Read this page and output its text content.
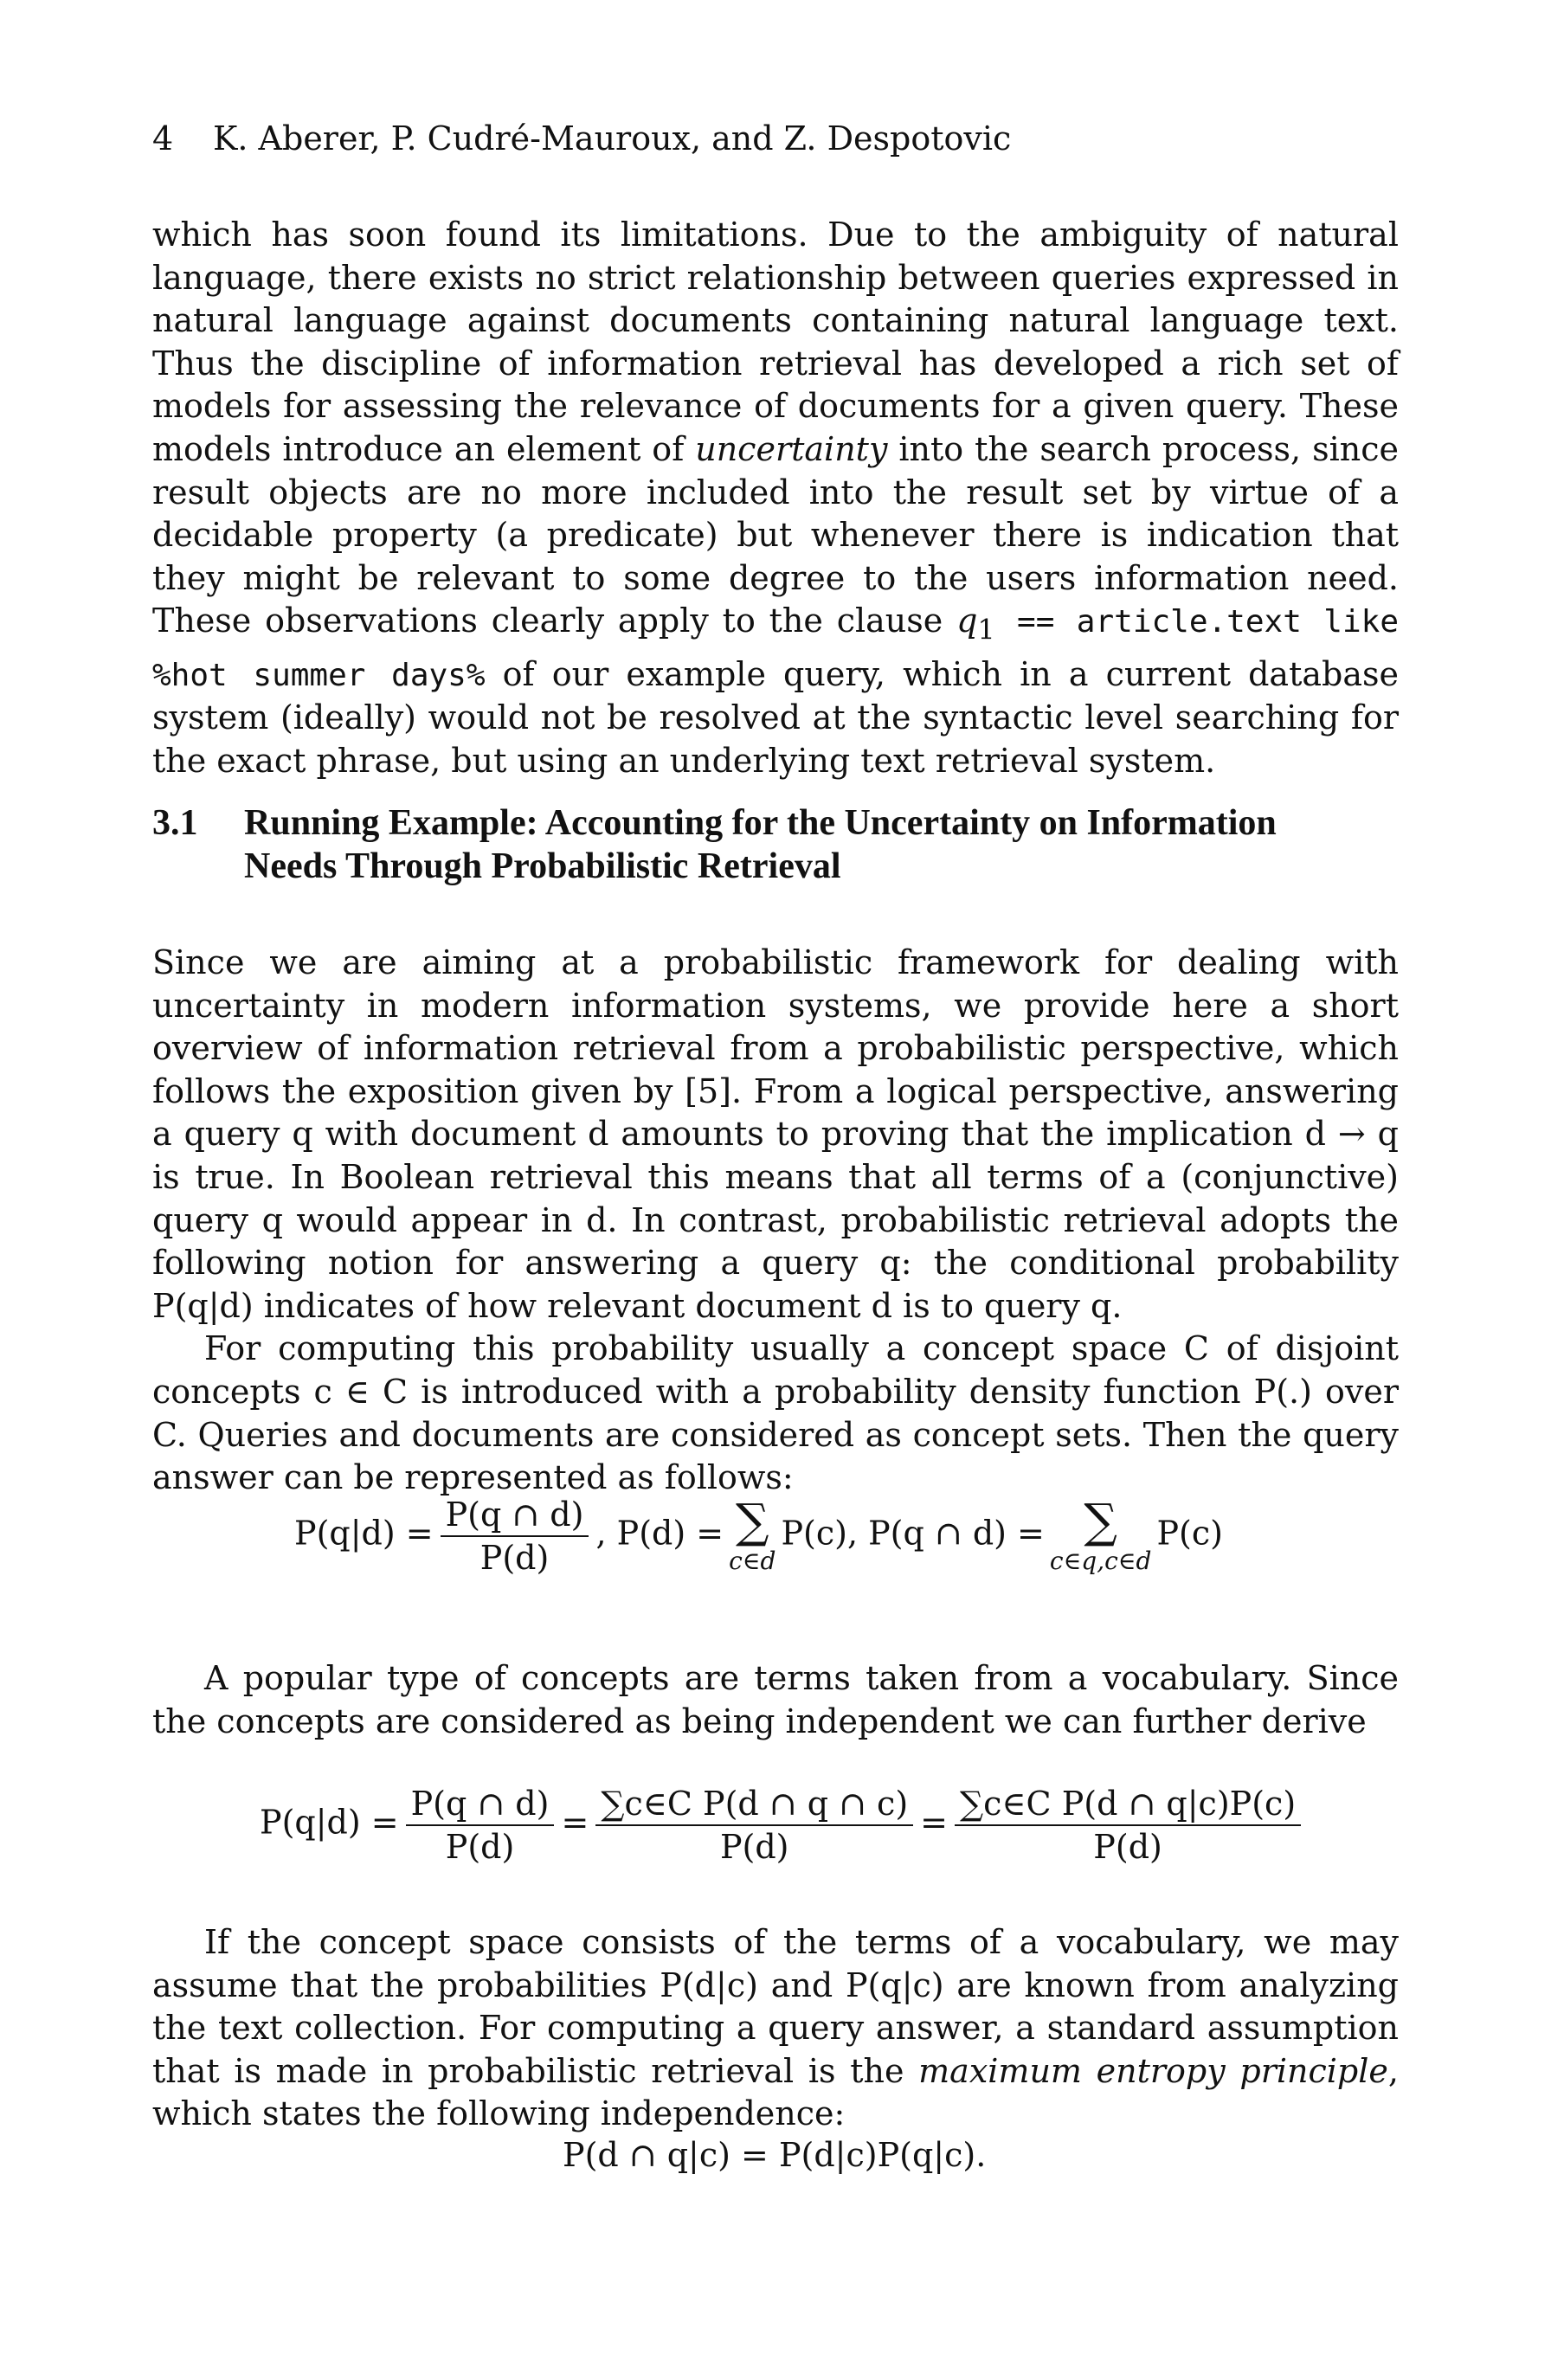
4 K. Aberer, P. Cudré-Mauroux, and Z. Despotovic

which has soon found its limitations. Due to the ambiguity of natural language, there exists no strict relationship between queries expressed in natural language against documents containing natural language text. Thus the discipline of information retrieval has developed a rich set of models for assessing the relevance of documents for a given query. These models introduce an element of uncertainty into the search process, since result objects are no more included into the result set by virtue of a decidable property (a predicate) but whenever there is indication that they might be relevant to some degree to the users information need. These observations clearly apply to the clause $q_1$ == article.text like %hot summer days% of our example query, which in a current database system (ideally) would not be resolved at the syntactic level searching for the exact phrase, but using an underlying text retrieval system.

3.1 Running Example: Accounting for the Uncertainty on Information Needs Through Probabilistic Retrieval

Since we are aiming at a probabilistic framework for dealing with uncertainty in modern information systems, we provide here a short overview of information retrieval from a probabilistic perspective, which follows the exposition given by [5]. From a logical perspective, answering a query q with document d amounts to proving that the implication d → q is true. In Boolean retrieval this means that all terms of a (conjunctive) query q would appear in d. In contrast, probabilistic retrieval adopts the following notion for answering a query q: the conditional probability P(q|d) indicates of how relevant document d is to query q.

For computing this probability usually a concept space C of disjoint concepts c ∈ C is introduced with a probability density function P(.) over C. Queries and documents are considered as concept sets. Then the query answer can be represented as follows:

$P(q|d) = \frac{P(q \cap d)}{P(d)}$ , P(d) = ∑
c∈d
P(c), P(q ∩ d) = ∑
c∈q,c∈d
P(c)

A popular type of concepts are terms taken from a vocabulary. Since the concepts are considered as being independent we can further derive

$P(q|d) = \frac{P(q \cap d)}{P(d)} = \frac{\text{∑c∈C P(d ∩ q ∩ c)}}{P(d)} = \frac{\text{∑c∈C P(d ∩ q|c)P(c)}}{P(d)}$

If the concept space consists of the terms of a vocabulary, we may assume that the probabilities P(d|c) and P(q|c) are known from analyzing the text collection. For computing a query answer, a standard assumption that is made in probabilistic retrieval is the maximum entropy principle, which states the following independence:

P(d ∩ q|c) = P(d|c)P(q|c).
